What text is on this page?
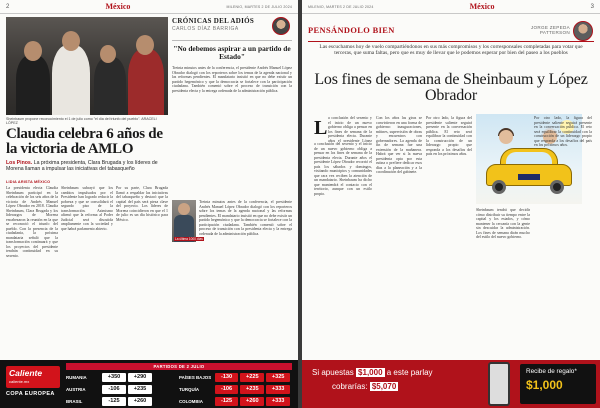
2	México	MILENIO, MARTES 2 DE JULIO 2024
Sheinbaum propone reconocimiento el 1 de julio como "el día del triunfo del pueblo". ARACELI LÓPEZ
Claudia celebra 6 años de la victoria de AMLO
Los Pinos. La próxima presidenta, Clara Brugada y los líderes de Morena llaman a impulsar las iniciativas del tabasqueño
LIDIA ARISTA MÉXICO
La presidenta electa Claudia Sheinbaum participó en la celebración de los seis años de la victoria de Andrés Manuel López Obrador en 2018. Claudia Sheinbaum, Clara Brugada y los liderazgos de Morena encabezaron la reunión en la que se reconoció el triunfo del pueblo. Con la presencia de la ciudadanía, la próxima mandataria señaló que la transformación continuará y que los proyectos del presidente tendrán continuidad en su sexenio.
Sheinbaum subrayó que los cambios impulsados por el Presidente han logrado reducir la pobreza y que se consolidará el segundo piso de la transformación. Asimismo afirmó que la reforma al Poder Judicial será discutida ampliamente con la sociedad y que habrá parlamento abierto.
Por su parte, Clara Brugada llamó a respaldar las iniciativas del tabasqueño y destacó que la capital del país será pieza clave del proyecto. Los líderes de Morena coincidieron en que el 1 de julio es un día histórico para México.
CRÓNICAS DEL ADIÓS
CARLOS DÍAZ BARRIGA
"No debemos aspirar a un partido de Estado"
Treinta minutos antes de la conferencia, el presidente Andrés Manuel López Obrador dialogó con los reporteros sobre los temas de la agenda nacional y las reformas pendientes. El mandatario insistió en que no debe existir un partido hegemónico y que la democracia se fortalece con la participación ciudadana. También comentó sobre el proceso de transición con la presidenta electa y la entrega ordenada de la administración pública.
La última 1000 días
Treinta minutos antes de la conferencia, el presidente Andrés Manuel López Obrador dialogó con los reporteros sobre los temas de la agenda nacional y las reformas pendientes. El mandatario insistió en que no debe existir un partido hegemónico y que la democracia se fortalece con la participación ciudadana. También comentó sobre el proceso de transición con la presidenta electa y la entrega ordenada de la administración pública.
Caliente
caliente.mx
COPA EUROPEA
PARTIDOS DE 2 JULIO
RUMANIA	+350	+290	PAÍSES BAJOS	-130	+225	+325
AUSTRIA	-106	+235	TURQUÍA	-106	+235	+333
BRASIL	-125	+260	COLOMBIA	-125	+260	+333
MILENIO, MARTES 2 DE JULIO 2024	México	3
PENSÁNDOLO BIEN	JORGE ZEPEDA PATTERSON
Las escuchamos hoy de vuelo compartiéndonos en sus más compromisos y los corresponsales completadas para votar que terceras, que suma faltas, pero que es muy de llevar que le podemos esperar por bien del paseo a los pueblos
Los fines de semana de Sheinbaum y López Obrador
L a conclusión del sexenio y el inicio de un nuevo gobierno obliga a pensar en los fines de semana de la presidenta electa. Durante años el presidente López
a conclusión del sexenio y el inicio de un nuevo gobierno obliga a pensar en los fines de semana de la presidenta electa. Durante años el presidente López Obrador recorrió el país los sábados y domingos, visitando municipios y comunidades que rara vez reciben la atención de un mandatario. Sheinbaum ha dicho que mantendrá el contacto con el territorio, aunque con un estilo propio.
Con los años las giras se convirtieron en una forma de gobierno: inauguraciones, mítines, supervisión de obras y encuentros con gobernadores. La agenda de fin de semana fue una extensión de la mañanera. Habrá que ver si la nueva presidenta opta por esta rutina o prefiere dedicar esos días a la planeación y a la coordinación del gabinete.
Por otro lado, la figura del presidente saliente seguirá presente en la conversación pública. El reto será equilibrar la continuidad con la construcción de un liderazgo propio que responda a los desafíos del país en los próximos años.
Sheinbaum tendrá que decidir cómo distribuir su tiempo entre la capital y los estados, y cómo mantener la cercanía con la gente sin descuidar la administración. Los fines de semana dirán mucho del estilo del nuevo gobierno.
Por otro lado, la figura del presidente saliente seguirá presente en la conversación pública. El reto será equilibrar la continuidad con la construcción de un liderazgo propio que responda a los desafíos del país en los próximos años.
Si apuestas $1,000 a este parlay
cobrarías: $5,070
Recibe de regalo*
$1,000
